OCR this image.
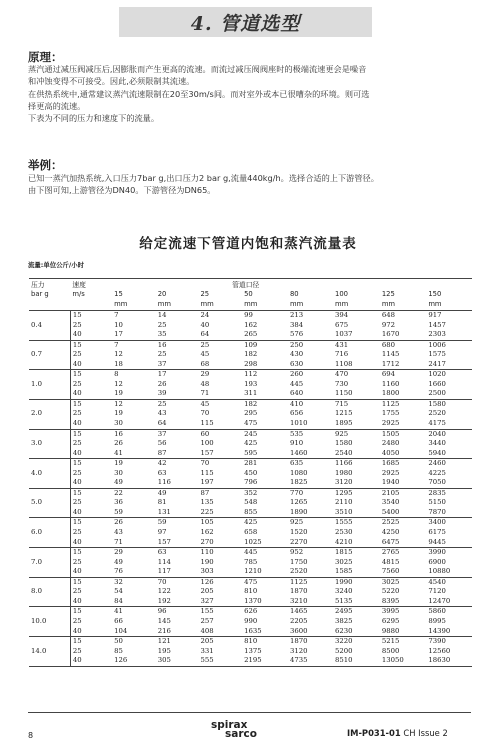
4. 管道选型
原理：
蒸汽通过减压阀减压后,因膨胀而产生更高的流速。而流过减压阀阀座时的极端流速更会是噪音
和冲蚀变得不可接受。因此,必须限制其流速。
在供热系统中,通常建议蒸汽流速限制在20至30m/s间。而对室外或本已很嘈杂的环境。则可选
择更高的流速。
下表为不同的压力和速度下的流量。
举例：
已知一蒸汽加热系统,入口压力7bar g,出口压力2 bar g,流量440kg/h。选择合适的上下游管径。
由下图可知,上游管径为DN40。下游管径为DN65。
给定流速下管道内饱和蒸汽流量表
流量:单位公斤/小时
压力	速度	管道口径							
bar g	m/s	15	20	25	50	80	100	125	150
		mm	mm	mm	mm	mm	mm	mm	mm
0.4	15	7	14	24	99	213	394	648	917
	25	10	25	40	162	384	675	972	1457
	40	17	35	64	265	576	1037	1670	2303
0.7	15	7	16	25	109	250	431	680	1006
	25	12	25	45	182	430	716	1145	1575
	40	18	37	68	298	630	1108	1712	2417
1.0	15	8	17	29	112	260	470	694	1020
	25	12	26	48	193	445	730	1160	1660
	40	19	39	71	311	640	1150	1800	2500
2.0	15	12	25	45	182	410	715	1125	1580
	25	19	43	70	295	656	1215	1755	2520
	40	30	64	115	475	1010	1895	2925	4175
3.0	15	16	37	60	245	535	925	1505	2040
	25	26	56	100	425	910	1580	2480	3440
	40	41	87	157	595	1460	2540	4050	5940
4.0	15	19	42	70	281	635	1166	1685	2460
	25	30	63	115	450	1080	1980	2925	4225
	40	49	116	197	796	1825	3120	1940	7050
5.0	15	22	49	87	352	770	1295	2105	2835
	25	36	81	135	548	1265	2110	3540	5150
	40	59	131	225	855	1890	3510	5400	7870
6.0	15	26	59	105	425	925	1555	2525	3400
	25	43	97	162	658	1520	2530	4250	6175
	40	71	157	270	1025	2270	4210	6475	9445
7.0	15	29	63	110	445	952	1815	2765	3990
	25	49	114	190	785	1750	3025	4815	6900
	40	76	117	303	1210	2520	1585	7560	10880
8.0	15	32	70	126	475	1125	1990	3025	4540
	25	54	122	205	810	1870	3240	5220	7120
	40	84	192	327	1370	3210	5135	8395	12470
10.0	15	41	96	155	626	1465	2495	3995	5860
	25	66	145	257	990	2205	3825	6295	8995
	40	104	216	408	1635	3600	6230	9880	14390
14.0	15	50	121	205	810	1870	3220	5215	7390
	25	85	195	331	1375	3120	5200	8500	12560
	40	126	305	555	2195	4735	8510	13050	18630
8
spirax
sarco	IM-P031-01 CH Issue 2
